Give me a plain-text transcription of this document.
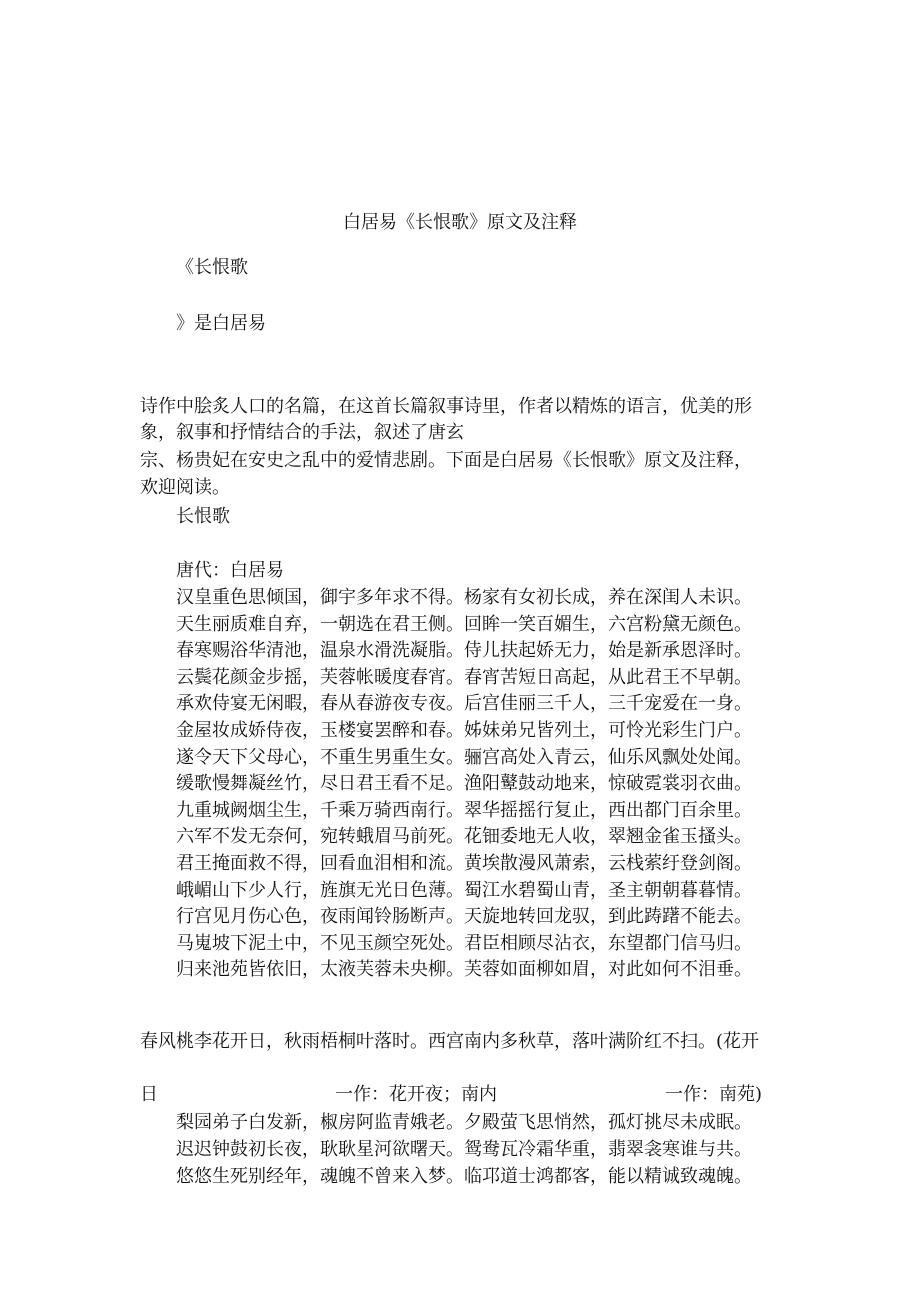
白居易《长恨歌》原文及注释
《长恨歌
》是白居易
诗作中脍炙人口的名篇，在这首长篇叙事诗里，作者以精炼的语言，优美的形
象，叙事和抒情结合的手法，叙述了唐玄
宗、杨贵妃在安史之乱中的爱情悲剧。下面是白居易《长恨歌》原文及注释，
欢迎阅读。
长恨歌
唐代：白居易
汉皇重色思倾国，御宇多年求不得。杨家有女初长成，养在深闺人未识。
天生丽质难自弃，一朝选在君王侧。回眸一笑百媚生，六宫粉黛无颜色。
春寒赐浴华清池，温泉水滑洗凝脂。侍儿扶起娇无力，始是新承恩泽时。
云鬓花颜金步摇，芙蓉帐暖度春宵。春宵苦短日高起，从此君王不早朝。
承欢侍宴无闲暇，春从春游夜专夜。后宫佳丽三千人，三千宠爱在一身。
金屋妆成娇侍夜，玉楼宴罢醉和春。姊妹弟兄皆列土，可怜光彩生门户。
遂令天下父母心，不重生男重生女。骊宫高处入青云，仙乐风飘处处闻。
缓歌慢舞凝丝竹，尽日君王看不足。渔阳鼙鼓动地来，惊破霓裳羽衣曲。
九重城阙烟尘生，千乘万骑西南行。翠华摇摇行复止，西出都门百余里。
六军不发无奈何，宛转蛾眉马前死。花钿委地无人收，翠翘金雀玉搔头。
君王掩面救不得，回看血泪相和流。黄埃散漫风萧索，云栈萦纡登剑阁。
峨嵋山下少人行，旌旗无光日色薄。蜀江水碧蜀山青，圣主朝朝暮暮情。
行宫见月伤心色，夜雨闻铃肠断声。天旋地转回龙驭，到此踌躇不能去。
马嵬坡下泥土中，不见玉颜空死处。君臣相顾尽沾衣，东望都门信马归。
归来池苑皆依旧，太液芙蓉未央柳。芙蓉如面柳如眉，对此如何不泪垂。
春风桃李花开日，秋雨梧桐叶落时。西宫南内多秋草，落叶满阶红不扫。(花开
日	一作：花开夜；南内	一作：南苑)
梨园弟子白发新，椒房阿监青娥老。夕殿萤飞思悄然，孤灯挑尽未成眠。
迟迟钟鼓初长夜，耿耿星河欲曙天。鸳鸯瓦冷霜华重，翡翠衾寒谁与共。
悠悠生死别经年，魂魄不曾来入梦。临邛道士鸿都客，能以精诚致魂魄。
